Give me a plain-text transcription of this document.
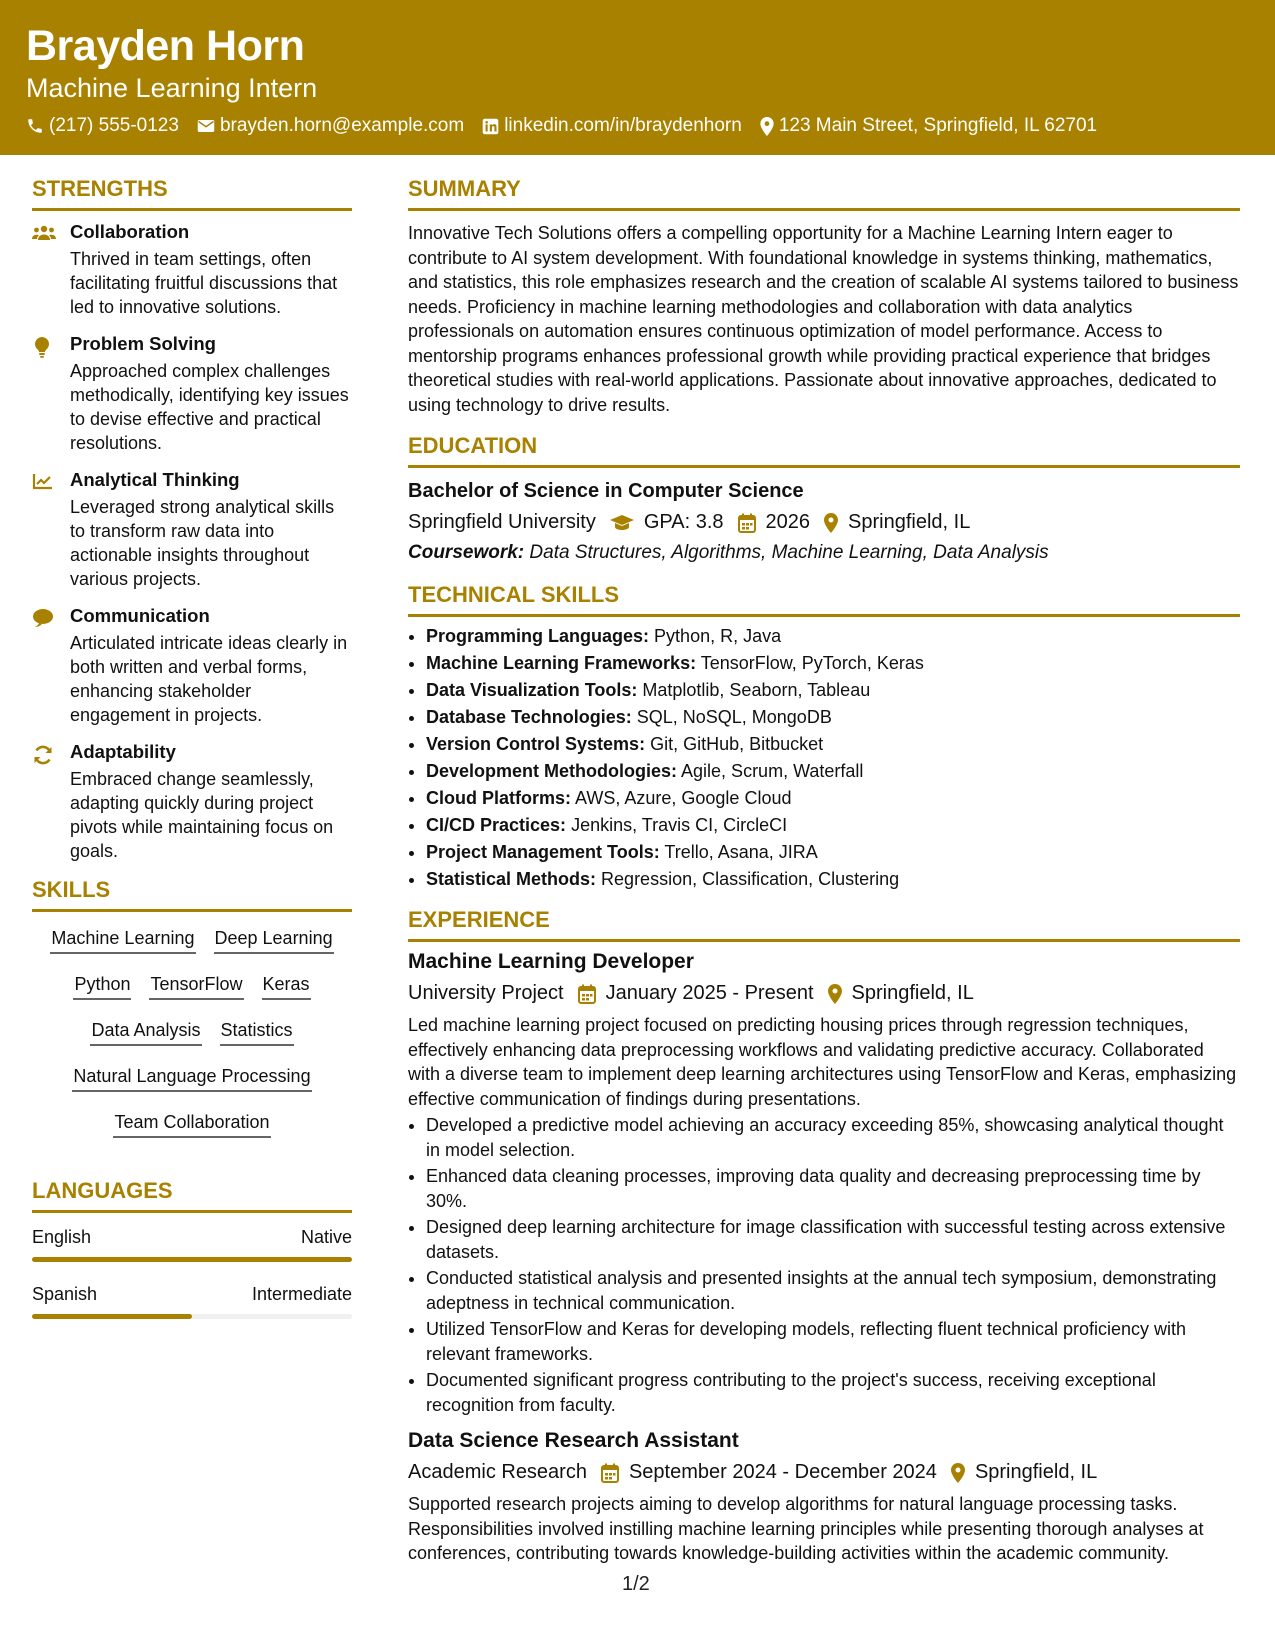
Brayden Horn
Machine Learning Intern
(217) 555-0123 brayden.horn@example.com linkedin.com/in/braydenhorn 123 Main Street, Springfield, IL 62701
STRENGTHS
Collaboration
Thrived in team settings, often facilitating fruitful discussions that led to innovative solutions.
Problem Solving
Approached complex challenges methodically, identifying key issues to devise effective and practical resolutions.
Analytical Thinking
Leveraged strong analytical skills to transform raw data into actionable insights throughout various projects.
Communication
Articulated intricate ideas clearly in both written and verbal forms, enhancing stakeholder engagement in projects.
Adaptability
Embraced change seamlessly, adapting quickly during project pivots while maintaining focus on goals.
SKILLS
Machine Learning Deep Learning
Python TensorFlow Keras
Data Analysis Statistics
Natural Language Processing
Team Collaboration
LANGUAGES
English	Native
Spanish	Intermediate
SUMMARY
Innovative Tech Solutions offers a compelling opportunity for a Machine Learning Intern eager to contribute to AI system development. With foundational knowledge in systems thinking, mathematics, and statistics, this role emphasizes research and the creation of scalable AI systems tailored to business needs. Proficiency in machine learning methodologies and collaboration with data analytics professionals on automation ensures continuous optimization of model performance. Access to mentorship programs enhances professional growth while providing practical experience that bridges theoretical studies with real-world applications. Passionate about innovative approaches, dedicated to using technology to drive results.
EDUCATION
Bachelor of Science in Computer Science
Springfield University GPA: 3.8 2026 Springfield, IL
Coursework: Data Structures, Algorithms, Machine Learning, Data Analysis
TECHNICAL SKILLS
• Programming Languages: Python, R, Java
• Machine Learning Frameworks: TensorFlow, PyTorch, Keras
• Data Visualization Tools: Matplotlib, Seaborn, Tableau
• Database Technologies: SQL, NoSQL, MongoDB
• Version Control Systems: Git, GitHub, Bitbucket
• Development Methodologies: Agile, Scrum, Waterfall
• Cloud Platforms: AWS, Azure, Google Cloud
• CI/CD Practices: Jenkins, Travis CI, CircleCI
• Project Management Tools: Trello, Asana, JIRA
• Statistical Methods: Regression, Classification, Clustering
EXPERIENCE
Machine Learning Developer
University Project January 2025 - Present Springfield, IL
Led machine learning project focused on predicting housing prices through regression techniques, effectively enhancing data preprocessing workflows and validating predictive accuracy. Collaborated with a diverse team to implement deep learning architectures using TensorFlow and Keras, emphasizing effective communication of findings during presentations.
• Developed a predictive model achieving an accuracy exceeding 85%, showcasing analytical thought in model selection.
• Enhanced data cleaning processes, improving data quality and decreasing preprocessing time by 30%.
• Designed deep learning architecture for image classification with successful testing across extensive datasets.
• Conducted statistical analysis and presented insights at the annual tech symposium, demonstrating adeptness in technical communication.
• Utilized TensorFlow and Keras for developing models, reflecting fluent technical proficiency with relevant frameworks.
• Documented significant progress contributing to the project's success, receiving exceptional recognition from faculty.
Data Science Research Assistant
Academic Research September 2024 - December 2024 Springfield, IL
Supported research projects aiming to develop algorithms for natural language processing tasks. Responsibilities involved instilling machine learning principles while presenting thorough analyses at conferences, contributing towards knowledge-building activities within the academic community.
1/2
